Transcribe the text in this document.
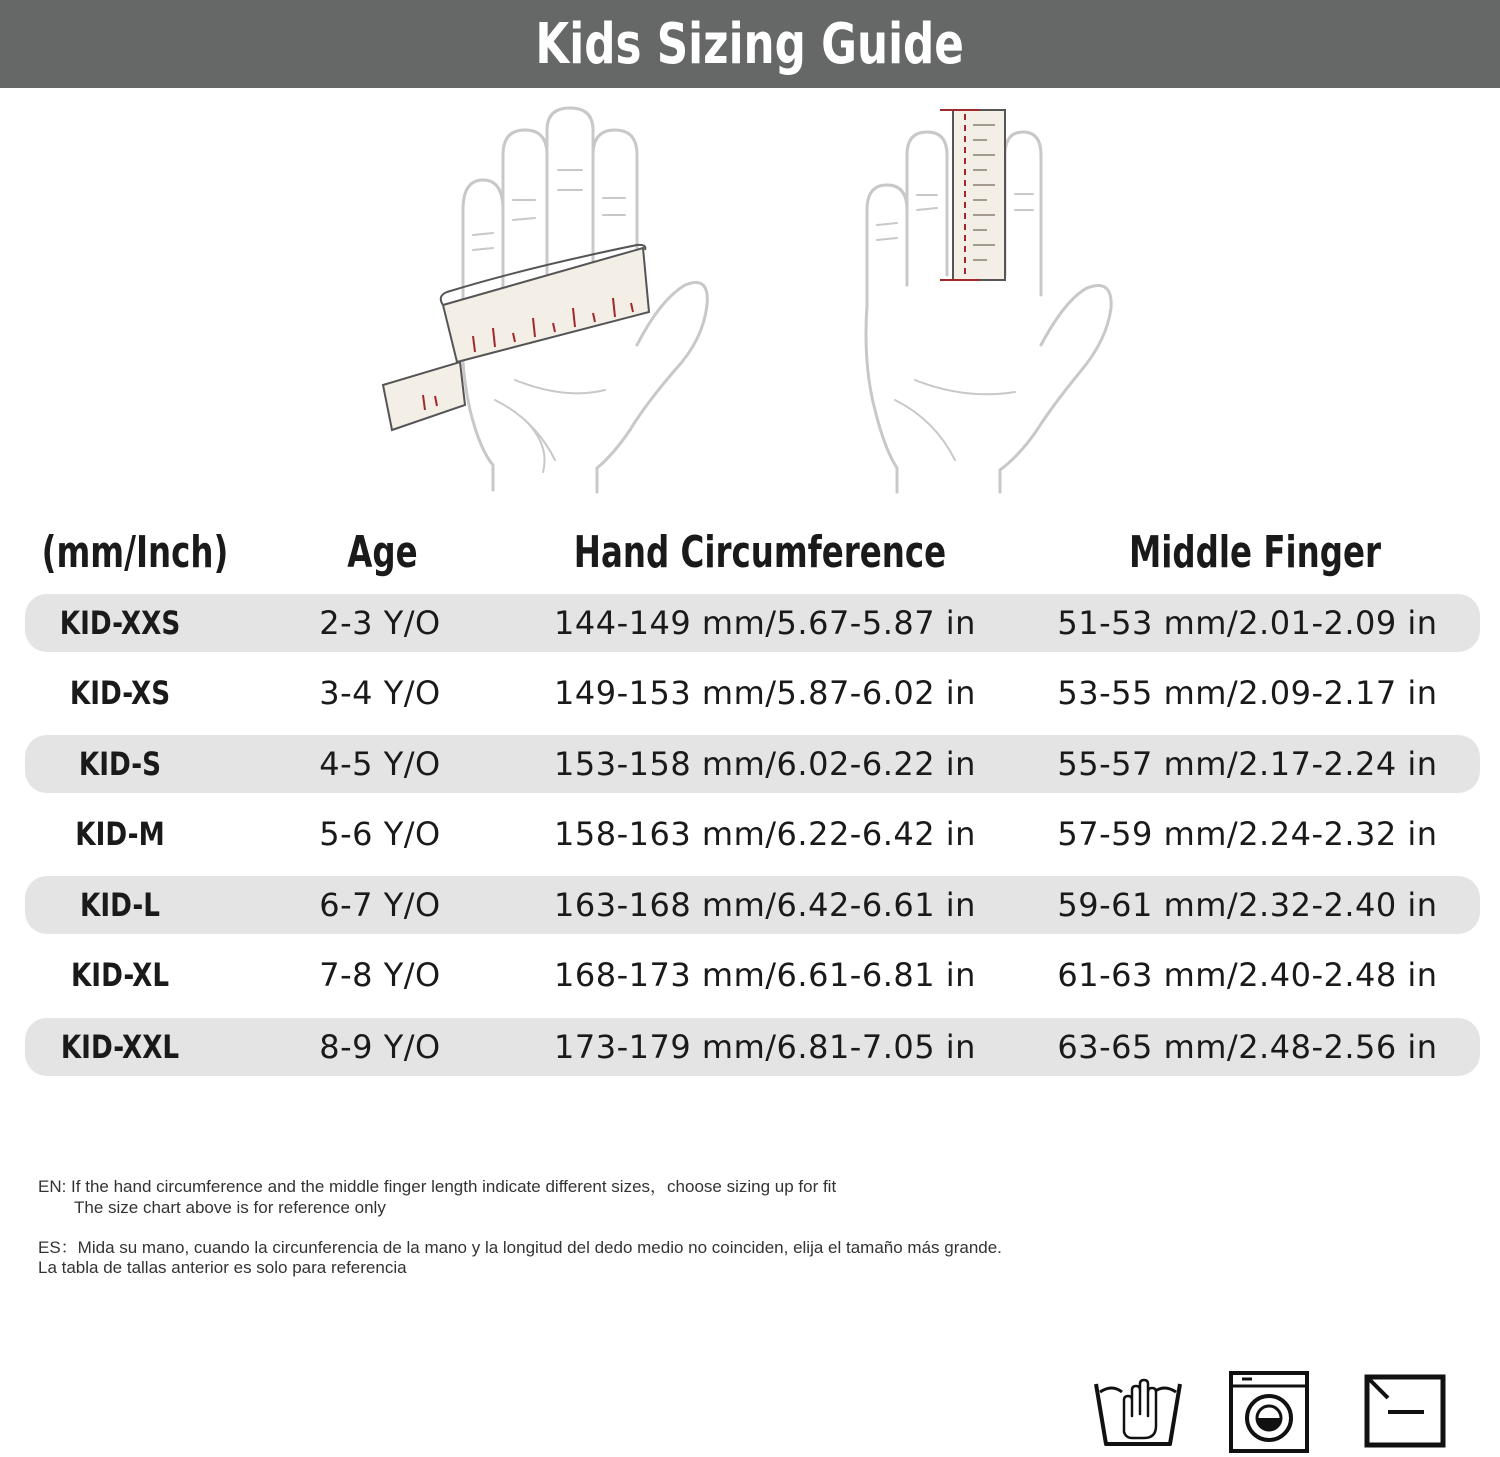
Kids Sizing Guide
(mm/Inch)	Age	Hand Circumference	Middle Finger
KID-XXS	2-3 Y/O	144-149 mm/5.67-5.87 in	51-53 mm/2.01-2.09 in
KID-XS	3-4 Y/O	149-153 mm/5.87-6.02 in	53-55 mm/2.09-2.17 in
KID-S	4-5 Y/O	153-158 mm/6.02-6.22 in	55-57 mm/2.17-2.24 in
KID-M	5-6 Y/O	158-163 mm/6.22-6.42 in	57-59 mm/2.24-2.32 in
KID-L	6-7 Y/O	163-168 mm/6.42-6.61 in	59-61 mm/2.32-2.40 in
KID-XL	7-8 Y/O	168-173 mm/6.61-6.81 in	61-63 mm/2.40-2.48 in
KID-XXL	8-9 Y/O	173-179 mm/6.81-7.05 in	63-65 mm/2.48-2.56 in
EN: If the hand circumference and the middle finger length indicate different sizes，choose sizing up for fit
The size chart above is for reference only
ES：Mida su mano, cuando la circunferencia de la mano y la longitud del dedo medio no coinciden, elija el tamaño más grande.
La tabla de tallas anterior es solo para referencia
